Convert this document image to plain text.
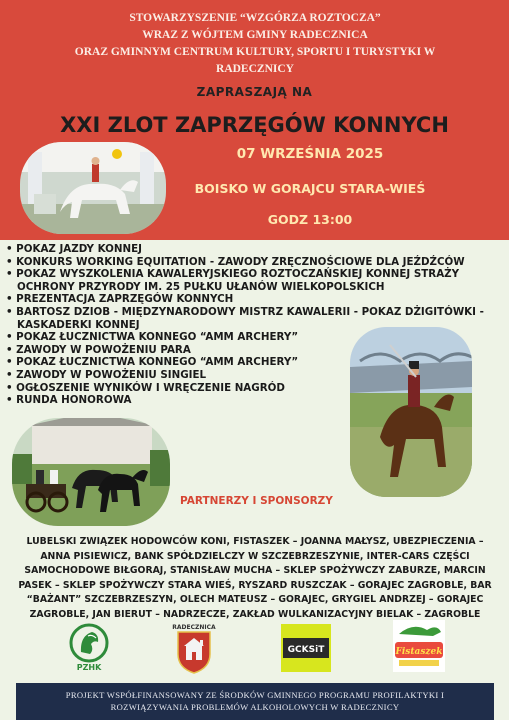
STOWARZYSZENIE “WZGÓRZA ROZTOCZA”
WRAZ Z WÓJTEM GMINY RADECZNICA
ORAZ GMINNYM CENTRUM KULTURY, SPORTU I TURYSTYKI W RADECZNICY
ZAPRASZAJĄ NA
XXI ZLOT ZAPRZĘGÓW KONNYCH
07 WRZEŚNIA 2025
BOISKO W GORAJCU STARA-WIEŚ
GODZ 13:00
• POKAZ JAZDY KONNEJ
• KONKURS WORKING EQUITATION - ZAWODY ZRĘCZNOŚCIOWE DLA JEŹDŹCÓW
• POKAZ WYSZKOLENIA KAWALERYJSKIEGO ROZTOCZAŃSKIEJ KONNEJ STRAŻY OCHRONY PRZYRODY IM. 25 PUŁKU UŁANÓW WIELKOPOLSKICH
• PREZENTACJA ZAPRZĘGÓW KONNYCH
• BARTOSZ DZIOB - MIĘDZYNARODOWY MISTRZ KAWALERII - POKAZ DŻIGITÓWKI - KASKADERKI KONNEJ
• POKAZ ŁUCZNICTWA KONNEGO “AMM ARCHERY”
• ZAWODY W POWOŻENIU PARA
• POKAZ ŁUCZNICTWA KONNEGO “AMM ARCHERY”
• ZAWODY W POWOŻENIU SINGIEL
• OGŁOSZENIE WYNIKÓW I WRĘCZENIE NAGRÓD
• RUNDA HONOROWA
PARTNERZY I SPONSORZY
LUBELSKI ZWIĄZEK HODOWCÓW KONI, FISTASZEK – JOANNA MAŁYSZ, UBEZPIECZENIA – ANNA PISIEWICZ, BANK SPÓŁDZIELCZY W SZCZEBRZESZYNIE, INTER-CARS CZĘŚCI SAMOCHODOWE BIŁGORAJ, STANISŁAW MUCHA – SKLEP SPOŻYWCZY ZABURZE, MARCIN PASEK – SKLEP SPOŻYWCZY STARA WIEŚ, RYSZARD RUSZCZAK – GORAJEC ZAGROBLE, BAR “BAŻANT” SZCZEBRZESZYN, OLECH MATEUSZ – GORAJEC, GRYGIEL ANDRZEJ – GORAJEC ZAGROBLE, JAN BIERUT – NADRZECZE, ZAKŁAD WULKANIZACYJNY BIELAK – ZAGROBLE
PZHK
RADECZNICA
GCKSiT	Fistaszek
PROJEKT WSPÓŁFINANSOWANY ZE ŚRODKÓW GMINNEGO PROGRAMU PROFILAKTYKI I
ROZWIĄZYWANIA PROBLEMÓW ALKOHOLOWYCH W RADECZNICY
